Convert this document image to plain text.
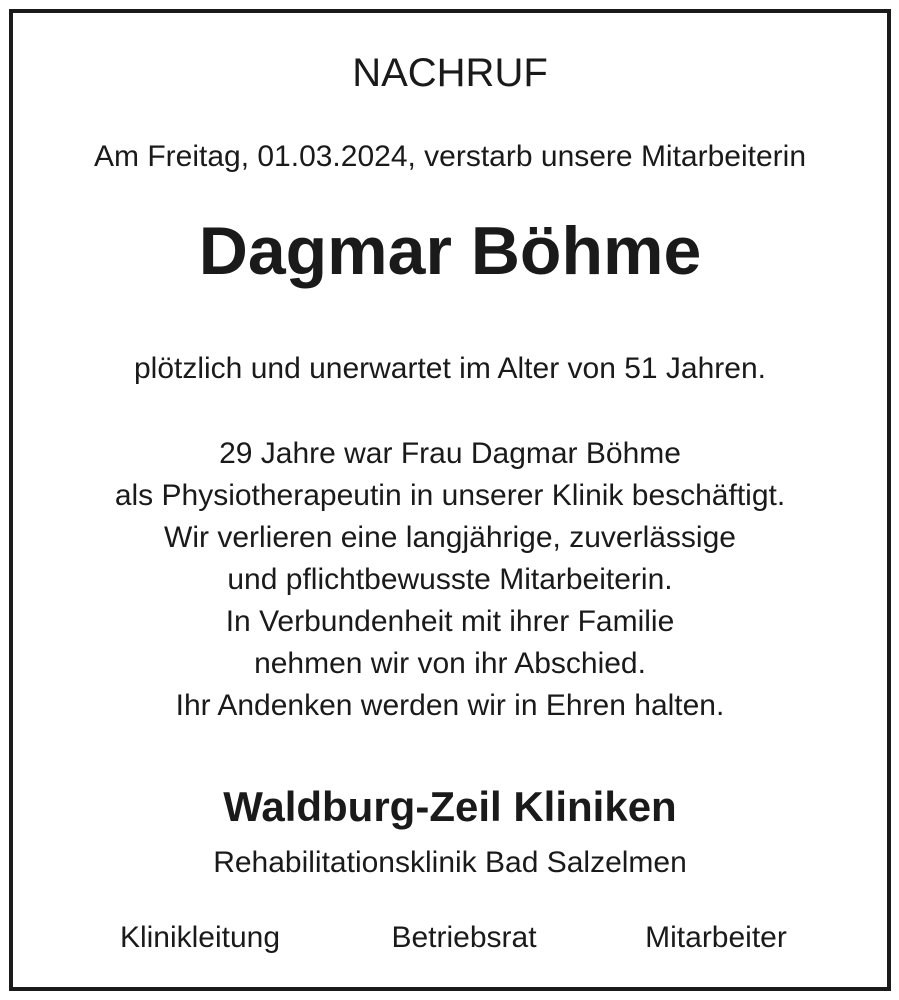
NACHRUF
Am Freitag, 01.03.2024, verstarb unsere Mitarbeiterin
Dagmar Böhme
plötzlich und unerwartet im Alter von 51 Jahren.
29 Jahre war Frau Dagmar Böhme
als Physiotherapeutin in unserer Klinik beschäftigt.
Wir verlieren eine langjährige, zuverlässige
und pflichtbewusste Mitarbeiterin.
In Verbundenheit mit ihrer Familie
nehmen wir von ihr Abschied.
Ihr Andenken werden wir in Ehren halten.
Waldburg-Zeil Kliniken
Rehabilitationsklinik Bad Salzelmen
Klinikleitung	Betriebsrat	Mitarbeiter
